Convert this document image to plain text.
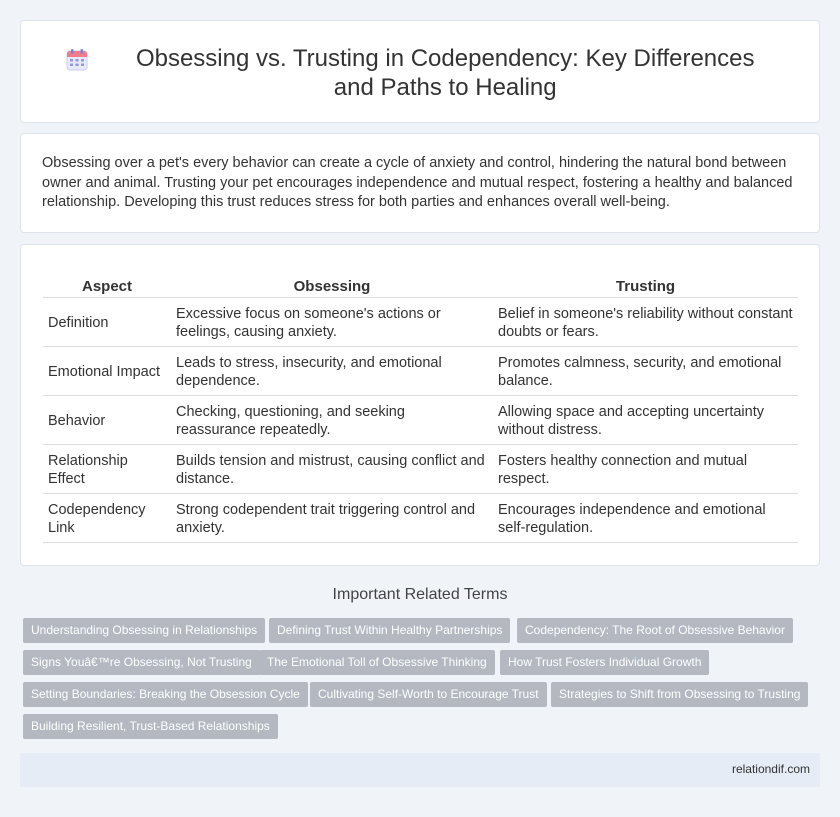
Obsessing vs. Trusting in Codependency: Key Differences and Paths to Healing

Obsessing over a pet's every behavior can create a cycle of anxiety and control, hindering the natural bond between owner and animal. Trusting your pet encourages independence and mutual respect, fostering a healthy and balanced relationship. Developing this trust reduces stress for both parties and enhances overall well-being.

Aspect	Obsessing	Trusting
Definition	Excessive focus on someone's actions or feelings, causing anxiety.	Belief in someone's reliability without constant doubts or fears.
Emotional Impact	Leads to stress, insecurity, and emotional dependence.	Promotes calmness, security, and emotional balance.
Behavior	Checking, questioning, and seeking reassurance repeatedly.	Allowing space and accepting uncertainty without distress.
Relationship Effect	Builds tension and mistrust, causing conflict and distance.	Fosters healthy connection and mutual respect.
Codependency Link	Strong codependent trait triggering control and anxiety.	Encourages independence and emotional self-regulation.
Important Related Terms
Understanding Obsessing in Relationships	Defining Trust Within Healthy Partnerships	Codependency: The Root of Obsessive Behavior
Signs Youâ€™re Obsessing, Not Trusting	The Emotional Toll of Obsessive Thinking	How Trust Fosters Individual Growth
Setting Boundaries: Breaking the Obsession Cycle	Cultivating Self-Worth to Encourage Trust	Strategies to Shift from Obsessing to Trusting
Building Resilient, Trust-Based Relationships
relationdif.com
